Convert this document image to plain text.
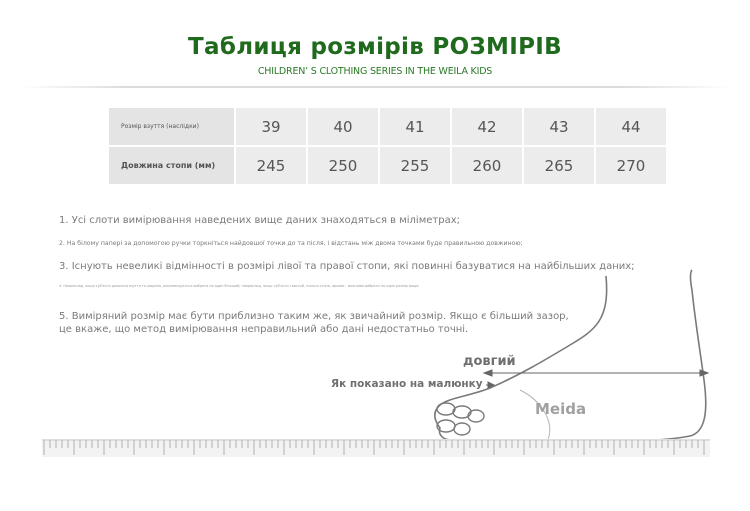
Таблиця розмірів РОЗМІРІВ
CHILDREN’ S CLOTHING SERIES IN THE WEILA KIDS
Розмір взуття (наслідки)	39	40	41	42	43	44
Довжина стопи (мм)	245	250	255	260	265	270
1. Усі слоти вимірювання наведених вище даних знаходяться в міліметрах;
2. На білому папері за допомогою ручки торкніться найдовшої точки до та після, і відстань між двома точками буде правильною довжиною;
3. Існують невеликі відмінності в розмірі лівої та правої стопи, які повинні базуватися на найбільших даних;
4. Наприклад, якщо суб'єкти довжини взуття та ширина, рекомендується вибрати на один більший; наприклад, якщо суб'єкти товстий, плоска стопа, аркове - можливо вибрати на один розмір вище;
5. Виміряний розмір має бути приблизно таким же, як звичайний розмір. Якщо є більший зазор, це вкаже, що метод вимірювання неправильний або дані недостатньо точні.
довгий
Як показано на малюнку
Meida
